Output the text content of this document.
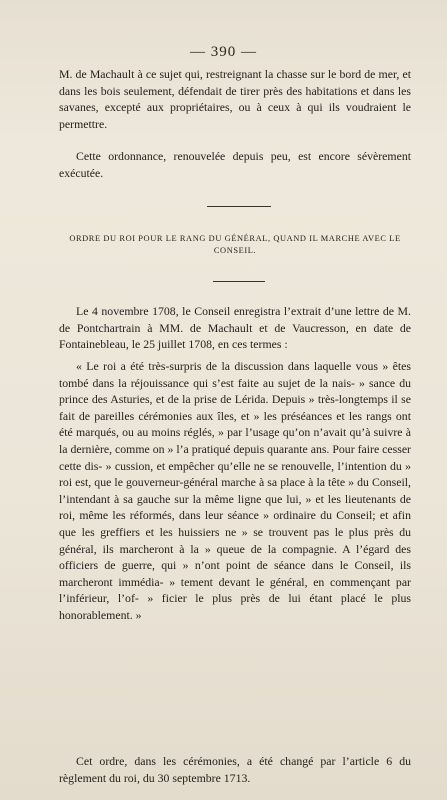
— 390 —

M. de Machault à ce sujet qui, restreignant la chasse sur le bord de mer, et dans les bois seulement, défendait de tirer près des habitations et dans les savanes, excepté aux propriétaires, ou à ceux à qui ils voudraient le permettre.

Cette ordonnance, renouvelée depuis peu, est encore sévèrement exécutée.

ORDRE DU ROI POUR LE RANG DU GÉNÉRAL, QUAND IL MARCHE AVEC LE CONSEIL.

Le 4 novembre 1708, le Conseil enregistra l’extrait d’une lettre de M. de Pontchartrain à MM. de Machault et de Vaucresson, en date de Fontainebleau, le 25 juillet 1708, en ces termes :

« Le roi a été très-surpris de la discussion dans laquelle vous » êtes tombé dans la réjouissance qui s’est faite au sujet de la nais- » sance du prince des Asturies, et de la prise de Lérida. Depuis » très-longtemps il se fait de pareilles cérémonies aux îles, et » les préséances et les rangs ont été marqués, ou au moins réglés, » par l’usage qu’on n’avait qu’à suivre à la dernière, comme on » l’a pratiqué depuis quarante ans. Pour faire cesser cette dis- » cussion, et empêcher qu’elle ne se renouvelle, l’intention du » roi est, que le gouverneur-général marche à sa place à la tête » du Conseil, l’intendant à sa gauche sur la même ligne que lui, » et les lieutenants de roi, même les réformés, dans leur séance » ordinaire du Conseil; et afin que les greffiers et les huissiers ne » se trouvent pas le plus près du général, ils marcheront à la » queue de la compagnie. A l’égard des officiers de guerre, qui » n’ont point de séance dans le Conseil, ils marcheront immédia- » tement devant le général, en commençant par l’inférieur, l’of- » ficier le plus près de lui étant placé le plus honorablement. »

Cet ordre, dans les cérémonies, a été changé par l’article 6 du règlement du roi, du 30 septembre 1713.
